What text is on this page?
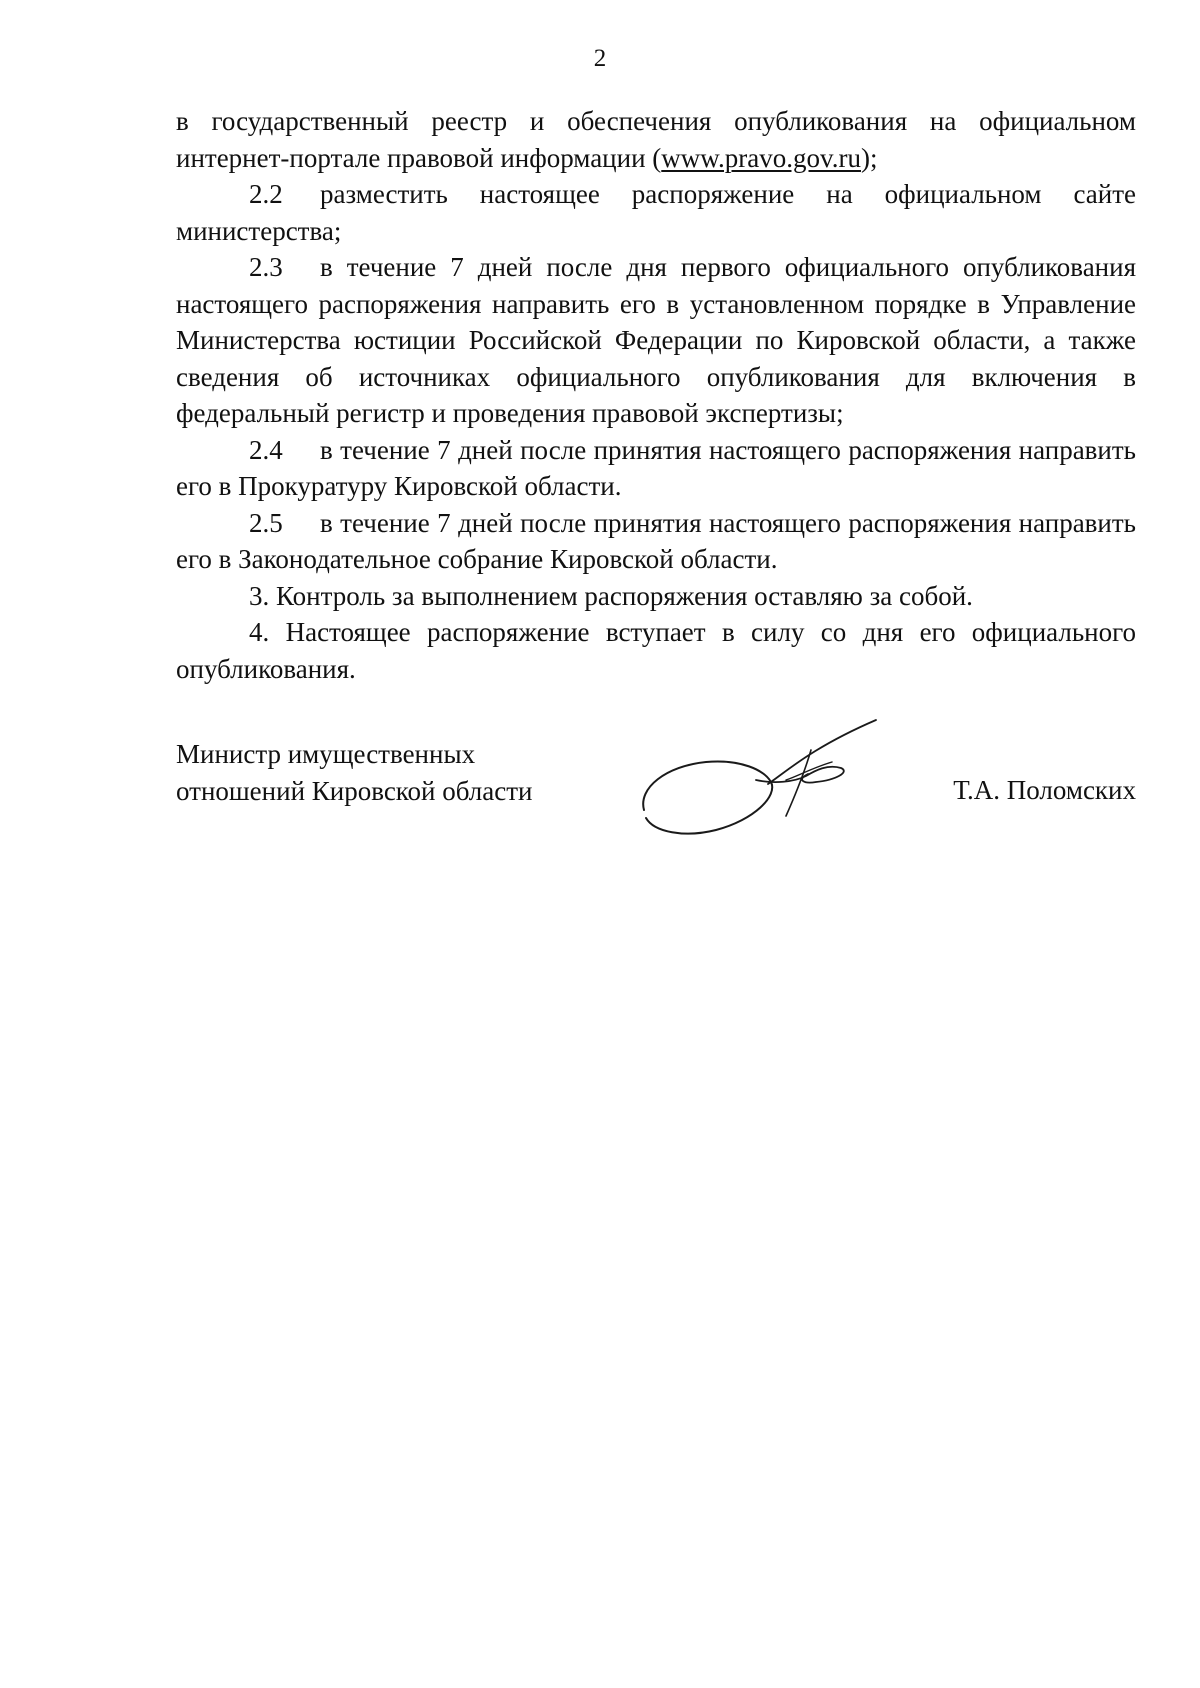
2

в государственный реестр и обеспечения опубликования на официальном интернет-портале правовой информации (www.pravo.gov.ru);

2.2 разместить настоящее распоряжение на официальном сайте министерства;

2.3 в течение 7 дней после дня первого официального опубликования настоящего распоряжения направить его в установленном порядке в Управление Министерства юстиции Российской Федерации по Кировской области, а также сведения об источниках официального опубликования для включения в федеральный регистр и проведения правовой экспертизы;

2.4 в течение 7 дней после принятия настоящего распоряжения направить его в Прокуратуру Кировской области.

2.5 в течение 7 дней после принятия настоящего распоряжения направить его в Законодательное собрание Кировской области.

3. Контроль за выполнением распоряжения оставляю за собой.

4. Настоящее распоряжение вступает в силу со дня его официального опубликования.

Министр имущественных
отношений Кировской области	Т.А. Поломских
